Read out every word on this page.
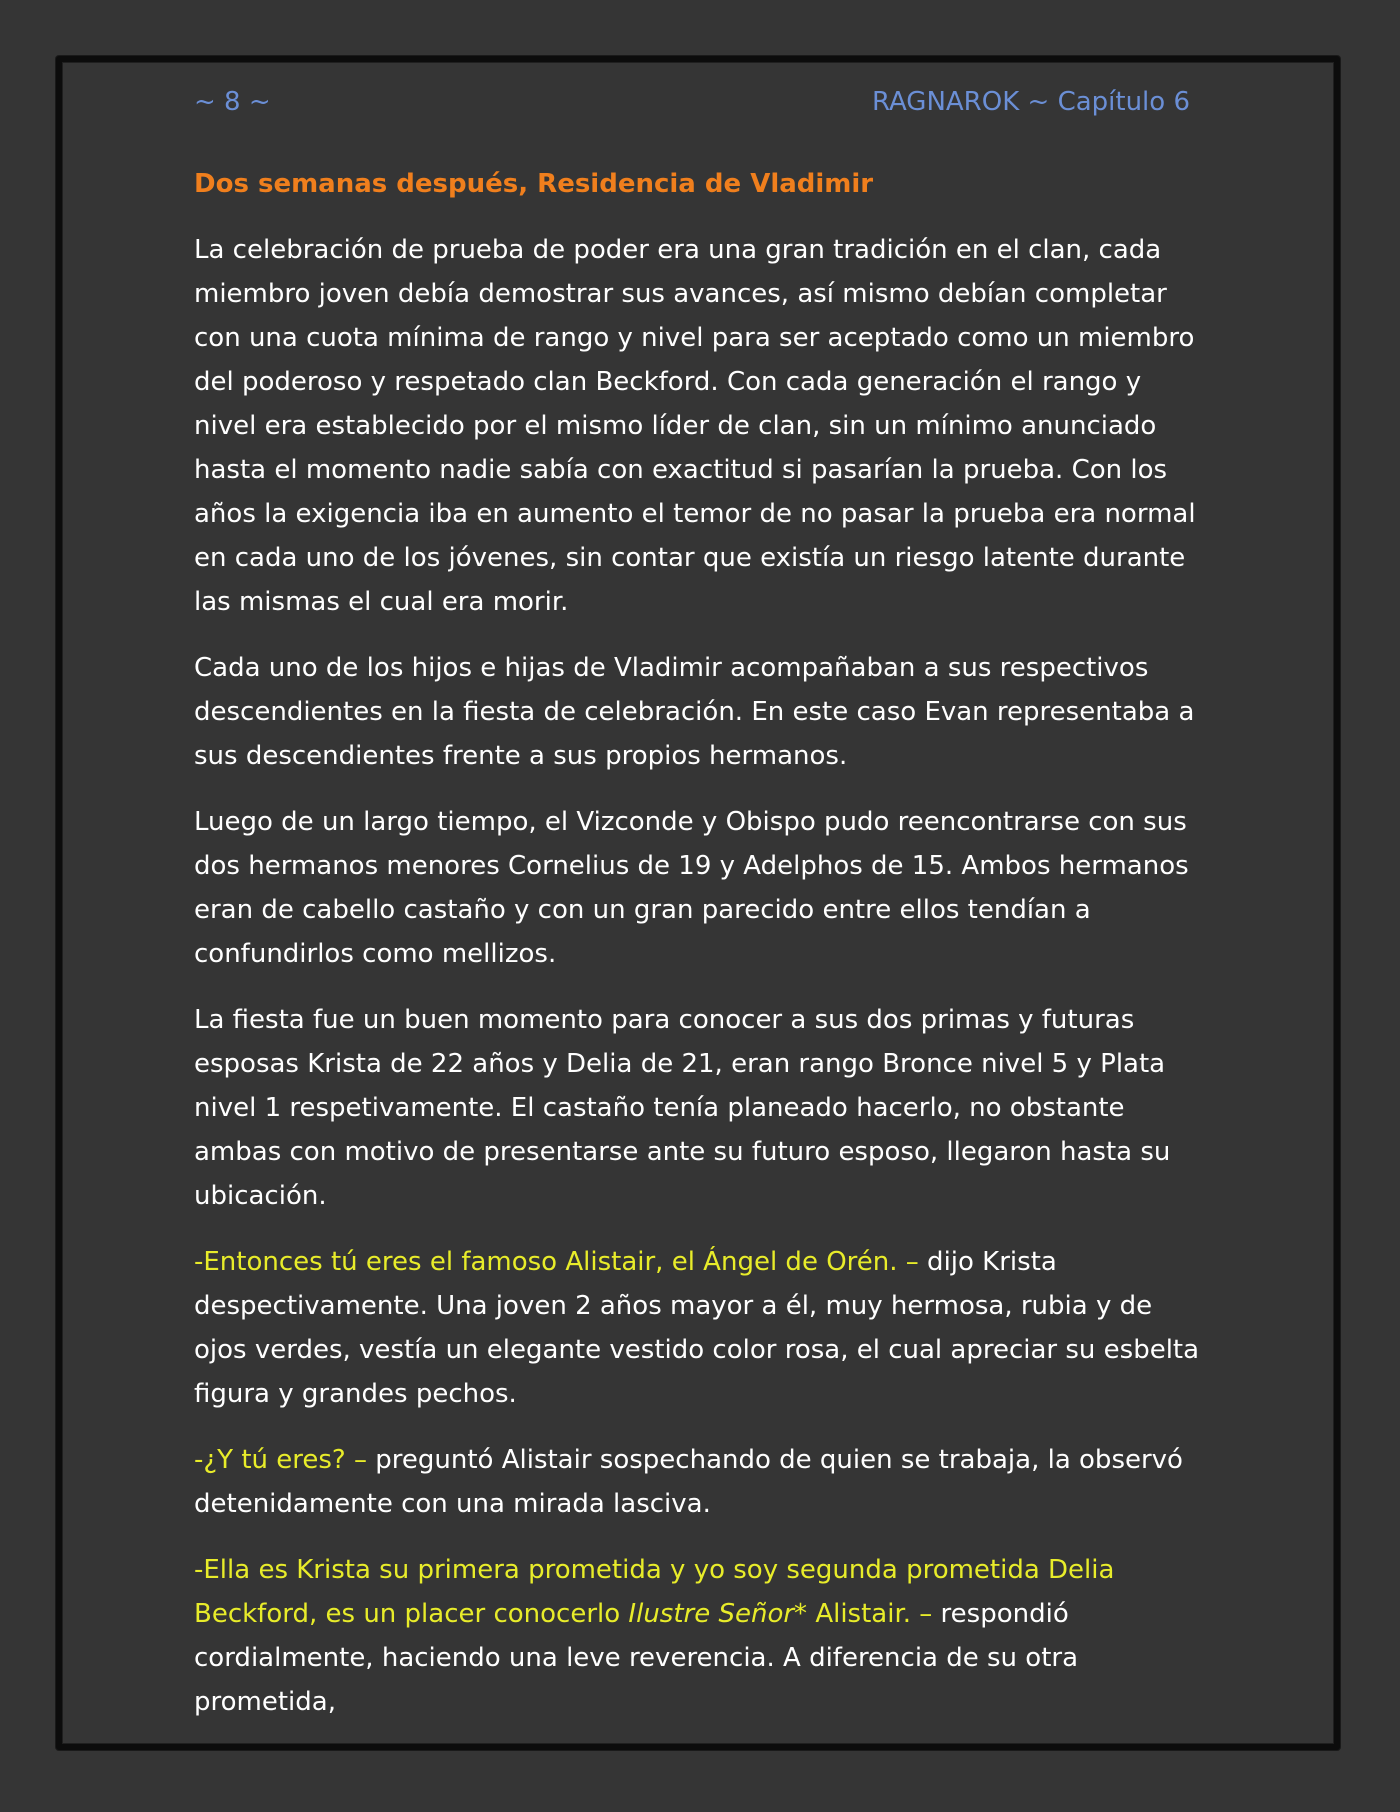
~ 8 ~	RAGNAROK ~ Capítulo 6
Dos semanas después, Residencia de Vladimir

La celebración de prueba de poder era una gran tradición en el clan, cada miembro joven debía demostrar sus avances, así mismo debían completar con una cuota mínima de rango y nivel para ser aceptado como un miembro del poderoso y respetado clan Beckford. Con cada generación el rango y nivel era establecido por el mismo líder de clan, sin un mínimo anunciado hasta el momento nadie sabía con exactitud si pasarían la prueba. Con los años la exigencia iba en aumento el temor de no pasar la prueba era normal en cada uno de los jóvenes, sin contar que existía un riesgo latente durante las mismas el cual era morir.

Cada uno de los hijos e hijas de Vladimir acompañaban a sus respectivos descendientes en la fiesta de celebración. En este caso Evan representaba a sus descendientes frente a sus propios hermanos.

Luego de un largo tiempo, el Vizconde y Obispo pudo reencontrarse con sus dos hermanos menores Cornelius de 19 y Adelphos de 15. Ambos hermanos eran de cabello castaño y con un gran parecido entre ellos tendían a confundirlos como mellizos.

La fiesta fue un buen momento para conocer a sus dos primas y futuras esposas Krista de 22 años y Delia de 21, eran rango Bronce nivel 5 y Plata nivel 1 respetivamente. El castaño tenía planeado hacerlo, no obstante ambas con motivo de presentarse ante su futuro esposo, llegaron hasta su ubicación.

-Entonces tú eres el famoso Alistair, el Ángel de Orén. – dijo Krista despectivamente. Una joven 2 años mayor a él, muy hermosa, rubia y de ojos verdes, vestía un elegante vestido color rosa, el cual apreciar su esbelta figura y grandes pechos.

-¿Y tú eres? – preguntó Alistair sospechando de quien se trabaja, la observó detenidamente con una mirada lasciva.

-Ella es Krista su primera prometida y yo soy segunda prometida Delia Beckford, es un placer conocerlo Ilustre Señor* Alistair. – respondió cordialmente, haciendo una leve reverencia. A diferencia de su otra prometida,
